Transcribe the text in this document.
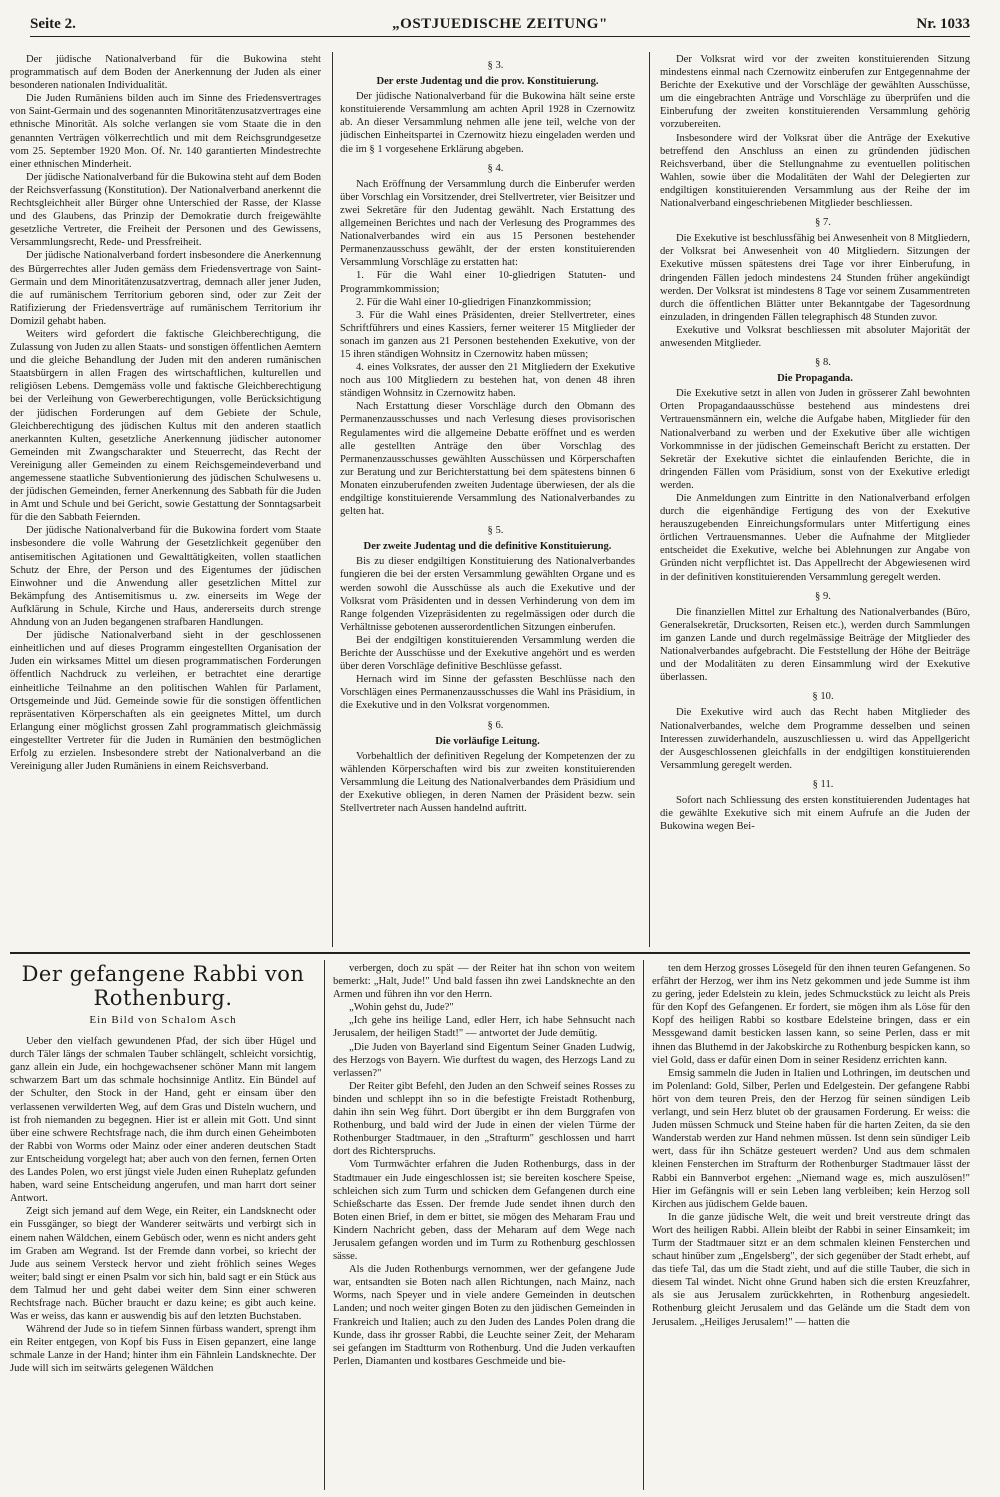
Seite 2.	„OSTJUEDISCHE ZEITUNG"	Nr. 1033

Der jüdische Nationalverband für die Bukowina steht programmatisch auf dem Boden der Anerkennung der Juden als einer besonderen nationalen Individualität.

Die Juden Rumäniens bilden auch im Sinne des Friedensvertrages von Saint-Germain und des sogenannten Minoritätenzusatzvertrages eine ethnische Minorität. Als solche verlangen sie vom Staate die in den genannten Verträgen völkerrechtlich und mit dem Reichsgrundgesetze vom 25. September 1920 Mon. Of. Nr. 140 garantierten Mindestrechte einer ethnischen Minderheit.

Der jüdische Nationalverband für die Bukowina steht auf dem Boden der Reichsverfassung (Konstitution). Der Nationalverband anerkennt die Rechtsgleichheit aller Bürger ohne Unterschied der Rasse, der Klasse und des Glaubens, das Prinzip der Demokratie durch freigewählte gesetzliche Vertreter, die Freiheit der Personen und des Gewissens, Versammlungsrecht, Rede- und Pressfreiheit.

Der jüdische Nationalverband fordert insbesondere die Anerkennung des Bürgerrechtes aller Juden gemäss dem Friedensvertrage von Saint-Germain und dem Minoritätenzusatzvertrag, demnach aller jener Juden, die auf rumänischem Territorium geboren sind, oder zur Zeit der Ratifizierung der Friedensverträge auf rumänischem Territorium ihr Domizil gehabt haben.

Weiters wird gefordert die faktische Gleichberechtigung, die Zulassung von Juden zu allen Staats- und sonstigen öffentlichen Aemtern und die gleiche Behandlung der Juden mit den anderen rumänischen Staatsbürgern in allen Fragen des wirtschaftlichen, kulturellen und religiösen Lebens. Demgemäss volle und faktische Gleichberechtigung bei der Verleihung von Gewerberechtigungen, volle Berücksichtigung der jüdischen Forderungen auf dem Gebiete der Schule, Gleichberechtigung des jüdischen Kultus mit den anderen staatlich anerkannten Kulten, gesetzliche Anerkennung jüdischer autonomer Gemeinden mit Zwangscharakter und Steuerrecht, das Recht der Vereinigung aller Gemeinden zu einem Reichsgemeindeverband und angemessene staatliche Subventionierung des jüdischen Schulwesens u. der jüdischen Gemeinden, ferner Anerkennung des Sabbath für die Juden in Amt und Schule und bei Gericht, sowie Gestattung der Sonntagsarbeit für die den Sabbath Feiernden.

Der jüdische Nationalverband für die Bukowina fordert vom Staate insbesondere die volle Wahrung der Gesetzlichkeit gegenüber den antisemitischen Agitationen und Gewalttätigkeiten, vollen staatlichen Schutz der Ehre, der Person und des Eigentumes der jüdischen Einwohner und die Anwendung aller gesetzlichen Mittel zur Bekämpfung des Antisemitismus u. zw. einerseits im Wege der Aufklärung in Schule, Kirche und Haus, andererseits durch strenge Ahndung von an Juden begangenen strafbaren Handlungen.

Der jüdische Nationalverband sieht in der geschlossenen einheitlichen und auf dieses Programm eingestellten Organisation der Juden ein wirksames Mittel um diesen programmatischen Forderungen öffentlich Nachdruck zu verleihen, er betrachtet eine derartige einheitliche Teilnahme an den politischen Wahlen für Parlament, Ortsgemeinde und Jüd. Gemeinde sowie für die sonstigen öffentlichen repräsentativen Körperschaften als ein geeignetes Mittel, um durch Erlangung einer möglichst grossen Zahl programmatisch gleichmässig eingestellter Vertreter für die Juden in Rumänien den bestmöglichen Erfolg zu erzielen. Insbesondere strebt der Nationalverband an die Vereinigung aller Juden Rumäniens in einem Reichsverband.

§ 3.

Der erste Judentag und die prov. Konstituierung.

Der jüdische Nationalverband für die Bukowina hält seine erste konstituierende Versammlung am achten April 1928 in Czernowitz ab. An dieser Versammlung nehmen alle jene teil, welche von der jüdischen Einheitspartei in Czernowitz hiezu eingeladen werden und die im § 1 vorgesehene Erklärung abgeben.

§ 4.

Nach Eröffnung der Versammlung durch die Einberufer werden über Vorschlag ein Vorsitzender, drei Stellvertreter, vier Beisitzer und zwei Sekretäre für den Judentag gewählt. Nach Erstattung des allgemeinen Berichtes und nach der Verlesung des Programmes des Nationalverbandes wird ein aus 15 Personen bestehender Permanenzausschuss gewählt, der der ersten konstituierenden Versammlung Vorschläge zu erstatten hat:

1. Für die Wahl einer 10-gliedrigen Statuten- und Programmkommission;

2. Für die Wahl einer 10-gliedrigen Finanzkommission;

3. Für die Wahl eines Präsidenten, dreier Stellvertreter, eines Schriftführers und eines Kassiers, ferner weiterer 15 Mitglieder der sonach im ganzen aus 21 Personen bestehenden Exekutive, von der 15 ihren ständigen Wohnsitz in Czernowitz haben müssen;

4. eines Volksrates, der ausser den 21 Mitgliedern der Exekutive noch aus 100 Mitgliedern zu bestehen hat, von denen 48 ihren ständigen Wohnsitz in Czernowitz haben.

Nach Erstattung dieser Vorschläge durch den Obmann des Permanenzausschusses und nach Verlesung dieses provisorischen Regulamentes wird die allgemeine Debatte eröffnet und es werden alle gestellten Anträge den über Vorschlag des Permanenzausschusses gewählten Ausschüssen und Körperschaften zur Beratung und zur Berichterstattung bei dem spätestens binnen 6 Monaten einzuberufenden zweiten Judentage überwiesen, der als die endgiltige konstituierende Versammlung des Nationalverbandes zu gelten hat.

§ 5.

Der zweite Judentag und die definitive Konstituierung.

Bis zu dieser endgiltigen Konstituierung des Nationalverbandes fungieren die bei der ersten Versammlung gewählten Organe und es werden sowohl die Ausschüsse als auch die Exekutive und der Volksrat vom Präsidenten und in dessen Verhinderung von dem im Range folgenden Vizepräsidenten zu regelmässigen oder durch die Verhältnisse gebotenen ausserordentlichen Sitzungen einberufen.

Bei der endgiltigen konstituierenden Versammlung werden die Berichte der Ausschüsse und der Exekutive angehört und es werden über deren Vorschläge definitive Beschlüsse gefasst.

Hernach wird im Sinne der gefassten Beschlüsse nach den Vorschlägen eines Permanenzausschusses die Wahl ins Präsidium, in die Exekutive und in den Volksrat vorgenommen.

§ 6.

Die vorläufige Leitung.

Vorbehaltlich der definitiven Regelung der Kompetenzen der zu wählenden Körperschaften wird bis zur zweiten konstituierenden Versammlung die Leitung des Nationalverbandes dem Präsidium und der Exekutive obliegen, in deren Namen der Präsident bezw. sein Stellvertreter nach Aussen handelnd auftritt.

Der Volksrat wird vor der zweiten konstituierenden Sitzung mindestens einmal nach Czernowitz einberufen zur Entgegennahme der Berichte der Exekutive und der Vorschläge der gewählten Ausschüsse, um die eingebrachten Anträge und Vorschläge zu überprüfen und die Einberufung der zweiten konstituierenden Versammlung gehörig vorzubereiten.

Insbesondere wird der Volksrat über die Anträge der Exekutive betreffend den Anschluss an einen zu gründenden jüdischen Reichsverband, über die Stellungnahme zu eventuellen politischen Wahlen, sowie über die Modalitäten der Wahl der Delegierten zur endgiltigen konstituierenden Versammlung aus der Reihe der im Nationalverband eingeschriebenen Mitglieder beschliessen.

§ 7.

Die Exekutive ist beschlussfähig bei Anwesenheit von 8 Mitgliedern, der Volksrat bei Anwesenheit von 40 Mitgliedern. Sitzungen der Exekutive müssen spätestens drei Tage vor ihrer Einberufung, in dringenden Fällen jedoch mindestens 24 Stunden früher angekündigt werden. Der Volksrat ist mindestens 8 Tage vor seinem Zusammentreten durch die öffentlichen Blätter unter Bekanntgabe der Tagesordnung einzuladen, in dringenden Fällen telegraphisch 48 Stunden zuvor.

Exekutive und Volksrat beschliessen mit absoluter Majorität der anwesenden Mitglieder.

§ 8.

Die Propaganda.

Die Exekutive setzt in allen von Juden in grösserer Zahl bewohnten Orten Propagandaausschüsse bestehend aus mindestens drei Vertrauensmännern ein, welche die Aufgabe haben, Mitglieder für den Nationalverband zu werben und der Exekutive über alle wichtigen Vorkommnisse in der jüdischen Gemeinschaft Bericht zu erstatten. Der Sekretär der Exekutive sichtet die einlaufenden Berichte, die in dringenden Fällen vom Präsidium, sonst von der Exekutive erledigt werden.

Die Anmeldungen zum Eintritte in den Nationalverband erfolgen durch die eigenhändige Fertigung des von der Exekutive herauszugebenden Einreichungsformulars unter Mitfertigung eines örtlichen Vertrauensmannes. Ueber die Aufnahme der Mitglieder entscheidet die Exekutive, welche bei Ablehnungen zur Angabe von Gründen nicht verpflichtet ist. Das Appellrecht der Abgewiesenen wird in der definitiven konstituierenden Versammlung geregelt werden.

§ 9.

Die finanziellen Mittel zur Erhaltung des Nationalverbandes (Büro, Generalsekretär, Drucksorten, Reisen etc.), werden durch Sammlungen im ganzen Lande und durch regelmässige Beiträge der Mitglieder des Nationalverbandes aufgebracht. Die Feststellung der Höhe der Beiträge und der Modalitäten zu deren Einsammlung wird der Exekutive überlassen.

§ 10.

Die Exekutive wird auch das Recht haben Mitglieder des Nationalverbandes, welche dem Programme desselben und seinen Interessen zuwiderhandeln, auszuschliessen u. wird das Appellgericht der Ausgeschlossenen gleichfalls in der endgiltigen konstituierenden Versammlung geregelt werden.

§ 11.

Sofort nach Schliessung des ersten konstituierenden Judentages hat die gewählte Exekutive sich mit einem Aufrufe an die Juden der Bukowina wegen Bei-

Der gefangene Rabbi von Rothenburg.
Ein Bild von Schalom Asch

Ueber den vielfach gewundenen Pfad, der sich über Hügel und durch Täler längs der schmalen Tauber schlängelt, schleicht vorsichtig, ganz allein ein Jude, ein hochgewachsener schöner Mann mit langem schwarzem Bart um das schmale hochsinnige Antlitz. Ein Bündel auf der Schulter, den Stock in der Hand, geht er einsam über den verlassenen verwilderten Weg, auf dem Gras und Disteln wuchern, und ist froh niemanden zu begegnen. Hier ist er allein mit Gott. Und sinnt über eine schwere Rechtsfrage nach, die ihm durch einen Geheimboten der Rabbi von Worms oder Mainz oder einer anderen deutschen Stadt zur Entscheidung vorgelegt hat; aber auch von den fernen, fernen Orten des Landes Polen, wo erst jüngst viele Juden einen Ruheplatz gefunden haben, ward seine Entscheidung angerufen, und man harrt dort seiner Antwort.

Zeigt sich jemand auf dem Wege, ein Reiter, ein Landsknecht oder ein Fussgänger, so biegt der Wanderer seitwärts und verbirgt sich in einem nahen Wäldchen, einem Gebüsch oder, wenn es nicht anders geht im Graben am Wegrand. Ist der Fremde dann vorbei, so kriecht der Jude aus seinem Versteck hervor und zieht fröhlich seines Weges weiter; bald singt er einen Psalm vor sich hin, bald sagt er ein Stück aus dem Talmud her und geht dabei weiter dem Sinn einer schweren Rechtsfrage nach. Bücher braucht er dazu keine; es gibt auch keine. Was er weiss, das kann er auswendig bis auf den letzten Buchstaben.

Während der Jude so in tiefem Sinnen fürbass wandert, sprengt ihm ein Reiter entgegen, von Kopf bis Fuss in Eisen gepanzert, eine lange schmale Lanze in der Hand; hinter ihm ein Fähnlein Landsknechte. Der Jude will sich im seitwärts gelegenen Wäldchen

verbergen, doch zu spät — der Reiter hat ihn schon von weitem bemerkt: „Halt, Jude!" Und bald fassen ihn zwei Landsknechte an den Armen und führen ihn vor den Herrn.

„Wohin gehst du, Jude?"

„Ich gehe ins heilige Land, edler Herr, ich habe Sehnsucht nach Jerusalem, der heiligen Stadt!" — antwortet der Jude demütig.

„Die Juden von Bayerland sind Eigentum Seiner Gnaden Ludwig, des Herzogs von Bayern. Wie durftest du wagen, des Herzogs Land zu verlassen?"

Der Reiter gibt Befehl, den Juden an den Schweif seines Rosses zu binden und schleppt ihn so in die befestigte Freistadt Rothenburg, dahin ihn sein Weg führt. Dort übergibt er ihn dem Burggrafen von Rothenburg, und bald wird der Jude in einen der vielen Türme der Rothenburger Stadtmauer, in den „Strafturm" geschlossen und harrt dort des Richterspruchs.

Vom Turmwächter erfahren die Juden Rothenburgs, dass in der Stadtmauer ein Jude eingeschlossen ist; sie bereiten koschere Speise, schleichen sich zum Turm und schicken dem Gefangenen durch eine Schießscharte das Essen. Der fremde Jude sendet ihnen durch den Boten einen Brief, in dem er bittet, sie mögen des Meharam Frau und Kindern Nachricht geben, dass der Meharam auf dem Wege nach Jerusalem gefangen worden und im Turm zu Rothenburg geschlossen sässe.

Als die Juden Rothenburgs vernommen, wer der gefangene Jude war, entsandten sie Boten nach allen Richtungen, nach Mainz, nach Worms, nach Speyer und in viele andere Gemeinden in deutschen Landen; und noch weiter gingen Boten zu den jüdischen Gemeinden in Frankreich und Italien; auch zu den Juden des Landes Polen drang die Kunde, dass ihr grosser Rabbi, die Leuchte seiner Zeit, der Meharam sei gefangen im Stadtturm von Rothenburg. Und die Juden verkauften Perlen, Diamanten und kostbares Geschmeide und bie-

ten dem Herzog grosses Lösegeld für den ihnen teuren Gefangenen. So erfährt der Herzog, wer ihm ins Netz gekommen und jede Summe ist ihm zu gering, jeder Edelstein zu klein, jedes Schmuckstück zu leicht als Preis für den Kopf des Gefangenen. Er fordert, sie mögen ihm als Löse für den Kopf des heiligen Rabbi so kostbare Edelsteine bringen, dass er ein Messgewand damit besticken lassen kann, so seine Perlen, dass er mit ihnen das Bluthemd in der Jakobskirche zu Rothenburg bespicken kann, so viel Gold, dass er dafür einen Dom in seiner Residenz errichten kann.

Emsig sammeln die Juden in Italien und Lothringen, im deutschen und im Polenland: Gold, Silber, Perlen und Edelgestein. Der gefangene Rabbi hört von dem teuren Preis, den der Herzog für seinen sündigen Leib verlangt, und sein Herz blutet ob der grausamen Forderung. Er weiss: die Juden müssen Schmuck und Steine haben für die harten Zeiten, da sie den Wanderstab werden zur Hand nehmen müssen. Ist denn sein sündiger Leib wert, dass für ihn Schätze gesteuert werden? Und aus dem schmalen kleinen Fensterchen im Strafturm der Rothenburger Stadtmauer lässt der Rabbi ein Bannverbot ergehen: „Niemand wage es, mich auszulösen!" Hier im Gefängnis will er sein Leben lang verbleiben; kein Herzog soll Kirchen aus jüdischem Gelde bauen.

In die ganze jüdische Welt, die weit und breit verstreute dringt das Wort des heiligen Rabbi. Allein bleibt der Rabbi in seiner Einsamkeit; im Turm der Stadtmauer sitzt er an dem schmalen kleinen Fensterchen und schaut hinüber zum „Engelsberg", der sich gegenüber der Stadt erhebt, auf das tiefe Tal, das um die Stadt zieht, und auf die stille Tauber, die sich in diesem Tal windet. Nicht ohne Grund haben sich die ersten Kreuzfahrer, als sie aus Jerusalem zurückkehrten, in Rothenburg angesiedelt. Rothenburg gleicht Jerusalem und das Gelände um die Stadt dem von Jerusalem. „Heiliges Jerusalem!" — hatten die
